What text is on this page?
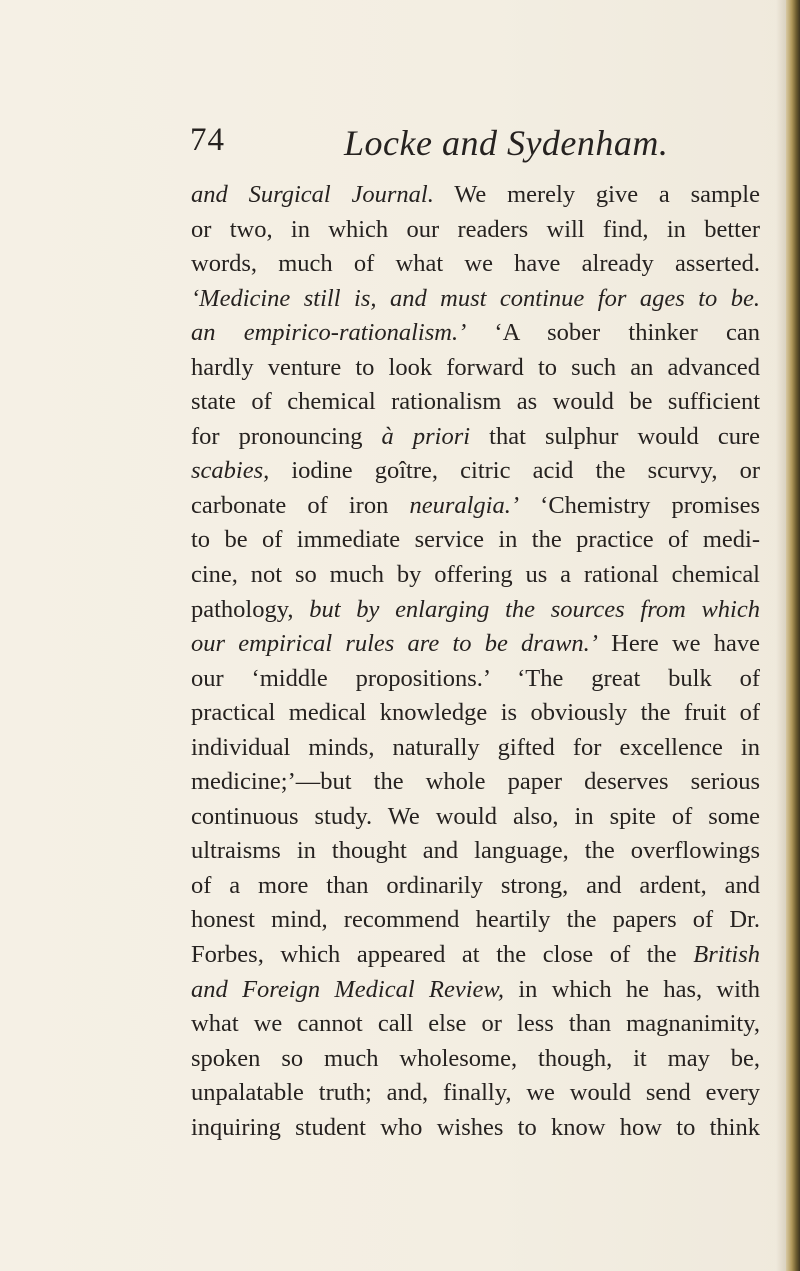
74	Locke and Sydenham.
and Surgical Journal. We merely give a sample
or two, in which our readers will find, in better
words, much of what we have already asserted.
‘Medicine still is, and must continue for ages to be.
an empirico-rationalism.’ ‘A sober thinker can
hardly venture to look forward to such an advanced
state of chemical rationalism as would be sufficient
for pronouncing à priori that sulphur would cure
scabies, iodine goître, citric acid the scurvy, or
carbonate of iron neuralgia.’ ‘Chemistry promises
to be of immediate service in the practice of medi-
cine, not so much by offering us a rational chemical
pathology, but by enlarging the sources from which
our empirical rules are to be drawn.’ Here we have
our ‘middle propositions.’ ‘The great bulk of
practical medical knowledge is obviously the fruit of
individual minds, naturally gifted for excellence in
medicine;’—but the whole paper deserves serious
continuous study. We would also, in spite of some
ultraisms in thought and language, the overflowings
of a more than ordinarily strong, and ardent, and
honest mind, recommend heartily the papers of Dr.
Forbes, which appeared at the close of the British
and Foreign Medical Review, in which he has, with
what we cannot call else or less than magnanimity,
spoken so much wholesome, though, it may be,
unpalatable truth; and, finally, we would send every
inquiring student who wishes to know how to think
